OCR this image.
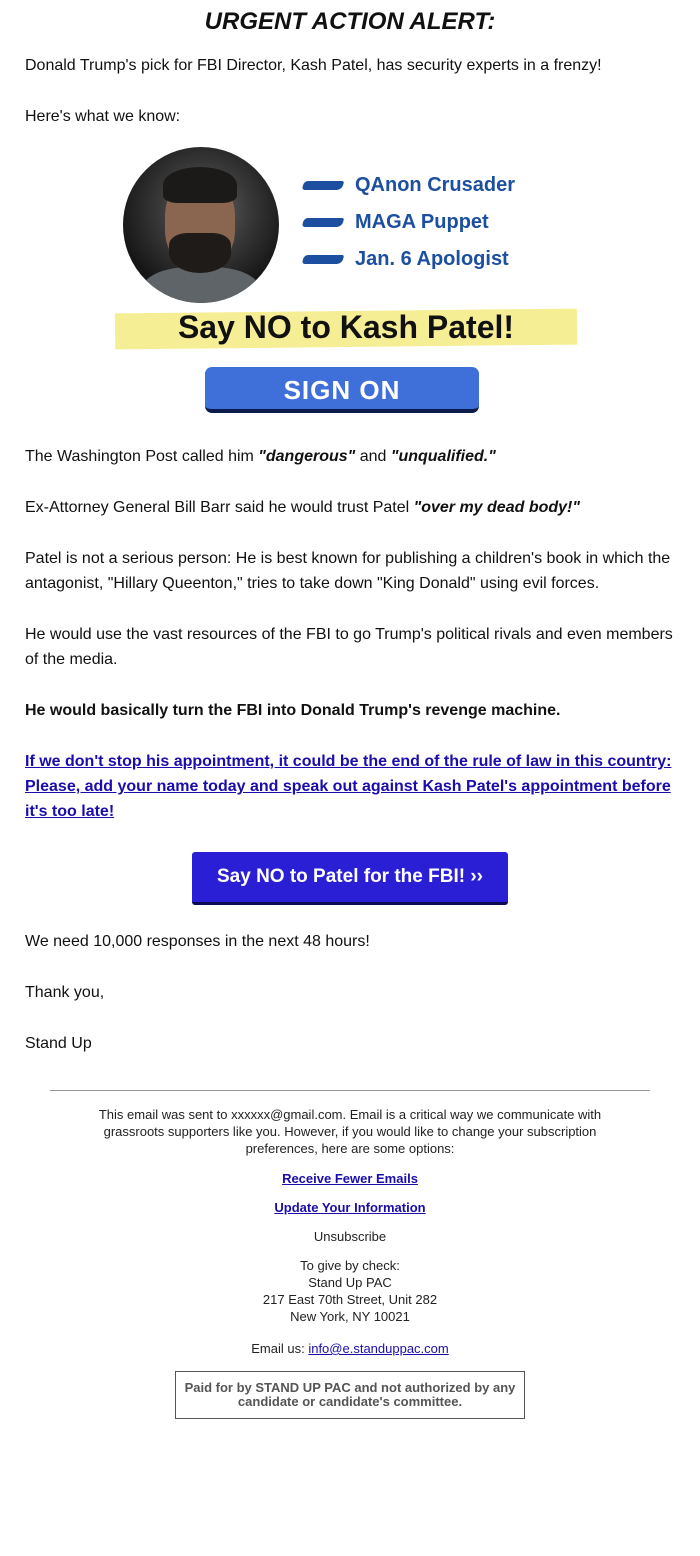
URGENT ACTION ALERT:

Donald Trump's pick for FBI Director, Kash Patel, has security experts in a frenzy!

Here's what we know:

QAnon Crusader
MAGA Puppet
Jan. 6 Apologist
Say NO to Kash Patel!
SIGN ON

The Washington Post called him "dangerous" and "unqualified."

Ex-Attorney General Bill Barr said he would trust Patel "over my dead body!"

Patel is not a serious person: He is best known for publishing a children's book in which the antagonist, "Hillary Queenton," tries to take down "King Donald" using evil forces.

He would use the vast resources of the FBI to go Trump's political rivals and even members of the media.

He would basically turn the FBI into Donald Trump's revenge machine.

If we don't stop his appointment, it could be the end of the rule of law in this country: Please, add your name today and speak out against Kash Patel's appointment before it's too late!

Say NO to Patel for the FBI! ››

We need 10,000 responses in the next 48 hours!

Thank you,

Stand Up

This email was sent to xxxxxx@gmail.com. Email is a critical way we communicate with grassroots supporters like you. However, if you would like to change your subscription preferences, here are some options:

Receive Fewer Emails

Update Your Information

Unsubscribe

To give by check:

Stand Up PAC

217 East 70th Street, Unit 282

New York, NY 10021

Email us: info@e.standuppac.com

Paid for by STAND UP PAC and not authorized by any candidate or candidate's committee.
